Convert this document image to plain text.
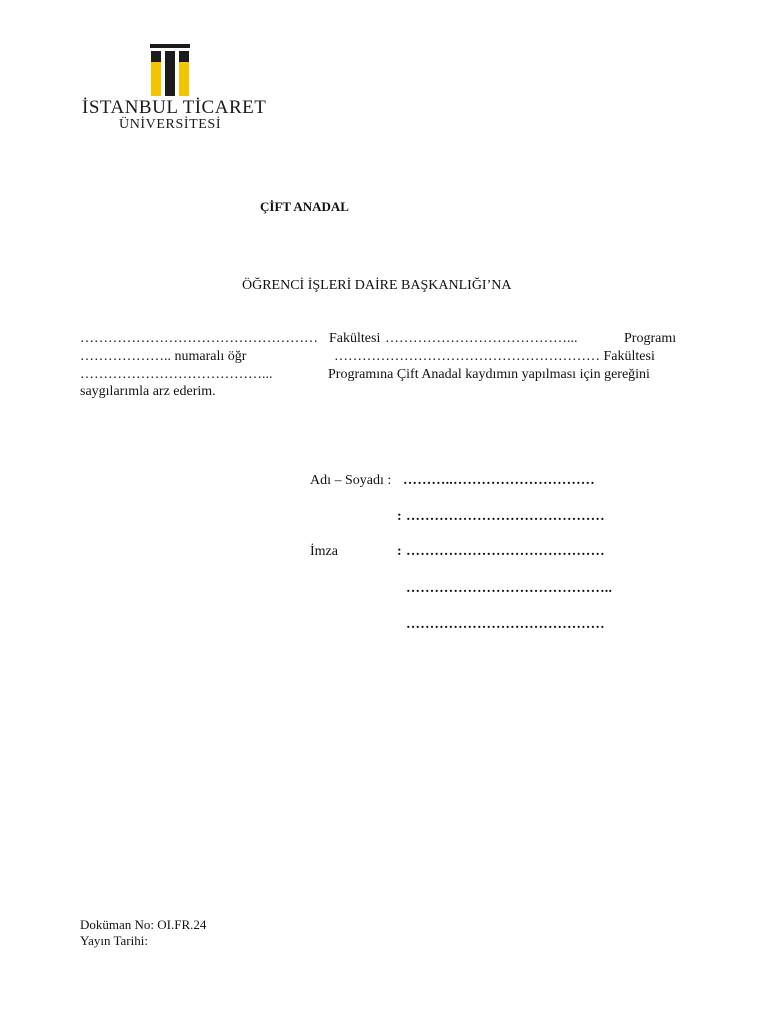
İSTANBUL TİCARET
ÜNİVERSİTESİ
ÇİFT ANADAL
ÖĞRENCİ İŞLERİ DAİRE BAŞKANLIĞI’NA
…………………………………………… Fakültesi …………………………………...	Programı
……………….. numaralı öğr	………………………………………………… Fakültesi
…………………………………...	Programına Çift Anadal kaydımın yapılması için gereğini
saygılarımla arz ederim.
Adı – Soyadı : ………..…………………………
: ……………………………………
İmza	: ……………………………………
……………………………………..
……………………………………
Doküman No: OI.FR.24
Yayın Tarihi:
